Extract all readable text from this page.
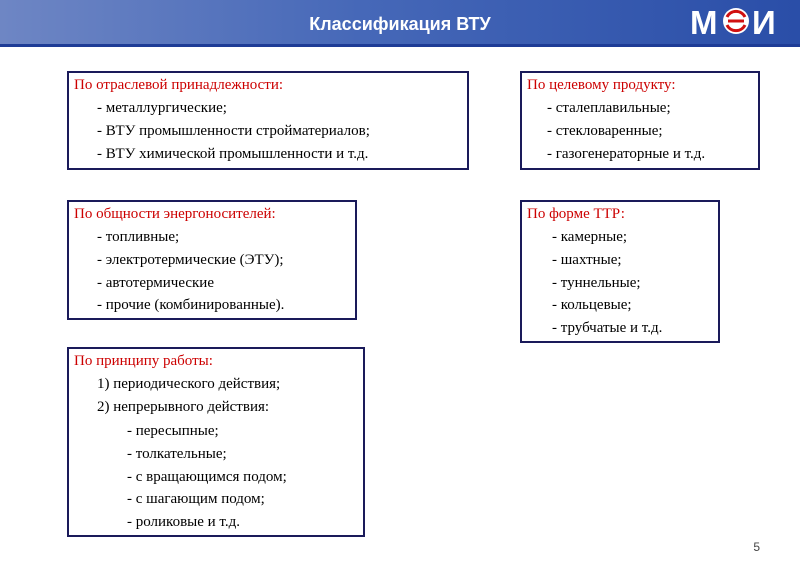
Классификация ВТУ	М И
По отраслевой принадлежности:
- металлургические;
- ВТУ промышленности стройматериалов;
- ВТУ химической промышленности и т.д.
По целевому продукту:
- сталеплавильные;
- стекловаренные;
- газогенераторные и т.д.
По общности энергоносителей:
- топливные;
- электротермические (ЭТУ);
- автотермические
- прочие (комбинированные).
По форме ТТР:
- камерные;
- шахтные;
- туннельные;
- кольцевые;
- трубчатые и т.д.
По принципу работы:
1) периодического действия;
2) непрерывного действия:
- пересыпные;
- толкательные;
- с вращающимся подом;
- с шагающим подом;
- роликовые и т.д.
5
